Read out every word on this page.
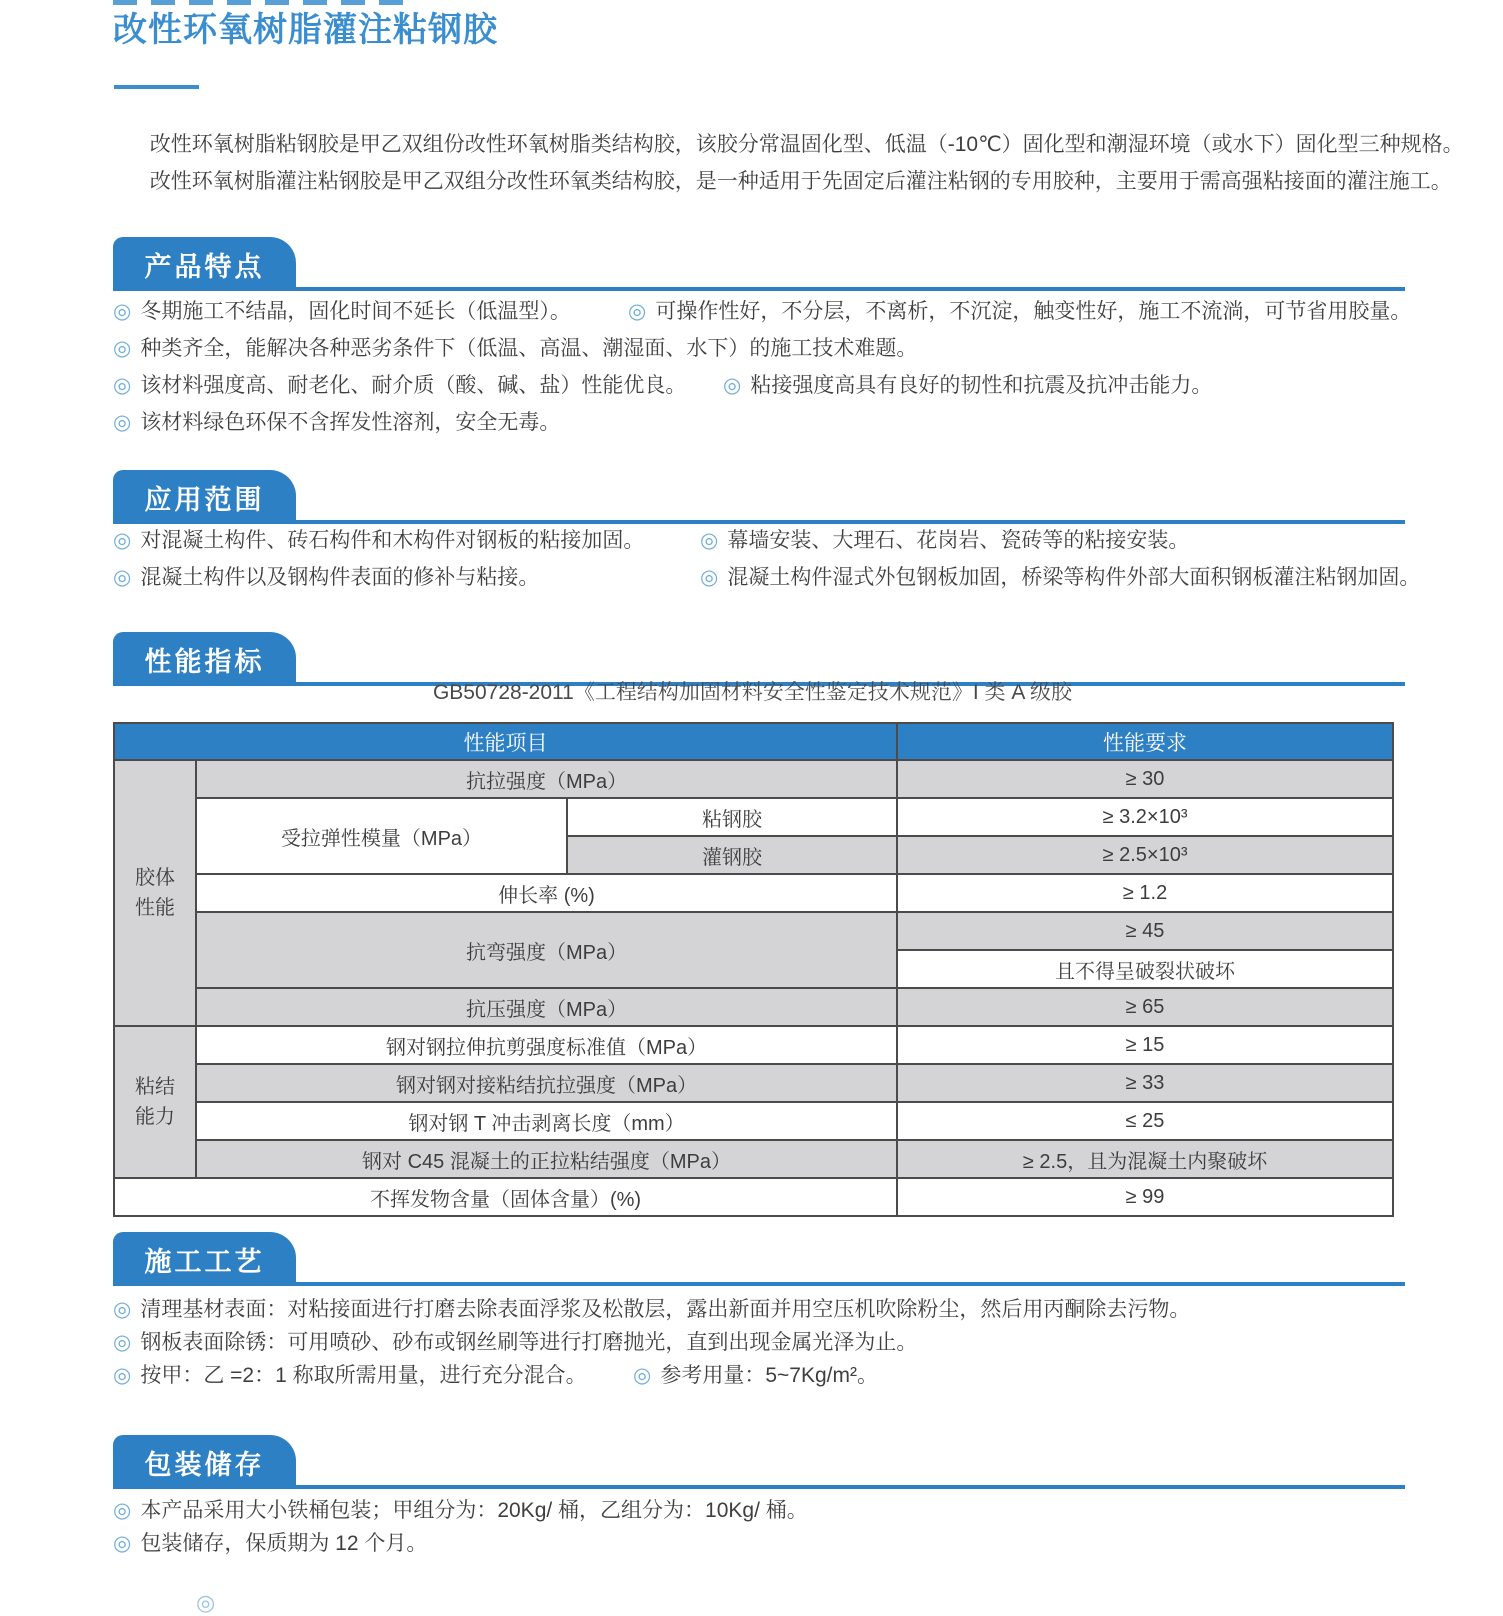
改性环氧树脂灌注粘钢胶

改性环氧树脂粘钢胶是甲乙双组份改性环氧树脂类结构胶，该胶分常温固化型、低温（-10℃）固化型和潮湿环境（或水下）固化型三种规格。

改性环氧树脂灌注粘钢胶是甲乙双组分改性环氧类结构胶，是一种适用于先固定后灌注粘钢的专用胶种，主要用于需高强粘接面的灌注施工。

产品特点
◎ 冬期施工不结晶，固化时间不延长（低温型）。	◎ 可操作性好，不分层，不离析，不沉淀，触变性好，施工不流淌，可节省用胶量。
◎ 种类齐全，能解决各种恶劣条件下（低温、高温、潮湿面、水下）的施工技术难题。
◎ 该材料强度高、耐老化、耐介质（酸、碱、盐）性能优良。 ◎ 粘接强度高具有良好的韧性和抗震及抗冲击能力。
◎ 该材料绿色环保不含挥发性溶剂，安全无毒。
应用范围
◎ 对混凝土构件、砖石构件和木构件对钢板的粘接加固。	◎ 幕墙安装、大理石、花岗岩、瓷砖等的粘接安装。
◎ 混凝土构件以及钢构件表面的修补与粘接。	◎ 混凝土构件湿式外包钢板加固，桥梁等构件外部大面积钢板灌注粘钢加固。
性能指标
GB50728-2011《工程结构加固材料安全性鉴定技术规范》I 类 A 级胶
性能项目			性能要求

胶体性能	抗拉强度（MPa）		≥ 30
	受拉弹性模量（MPa）	粘钢胶	≥ 3.2×10³
		灌钢胶	≥ 2.5×10³
	伸长率 (%)		≥ 1.2
	抗弯强度（MPa）		≥ 45
			且不得呈破裂状破坏
	抗压强度（MPa）		≥ 65

粘结能力	钢对钢拉伸抗剪强度标准值（MPa）		≥ 15
	钢对钢对接粘结抗拉强度（MPa）		≥ 33
	钢对钢 T 冲击剥离长度（mm）		≤ 25
	钢对 C45 混凝土的正拉粘结强度（MPa）		≥ 2.5，且为混凝土内聚破坏
不挥发物含量（固体含量）(%)			≥ 99
施工工艺
◎ 清理基材表面：对粘接面进行打磨去除表面浮浆及松散层，露出新面并用空压机吹除粉尘，然后用丙酮除去污物。
◎ 钢板表面除锈：可用喷砂、砂布或钢丝刷等进行打磨抛光，直到出现金属光泽为止。
◎ 按甲：乙 =2：1 称取所需用量，进行充分混合。 ◎ 参考用量：5~7Kg/m²。
包装储存
◎ 本产品采用大小铁桶包装；甲组分为：20Kg/ 桶，乙组分为：10Kg/ 桶。
◎ 包装储存，保质期为 12 个月。
◎
